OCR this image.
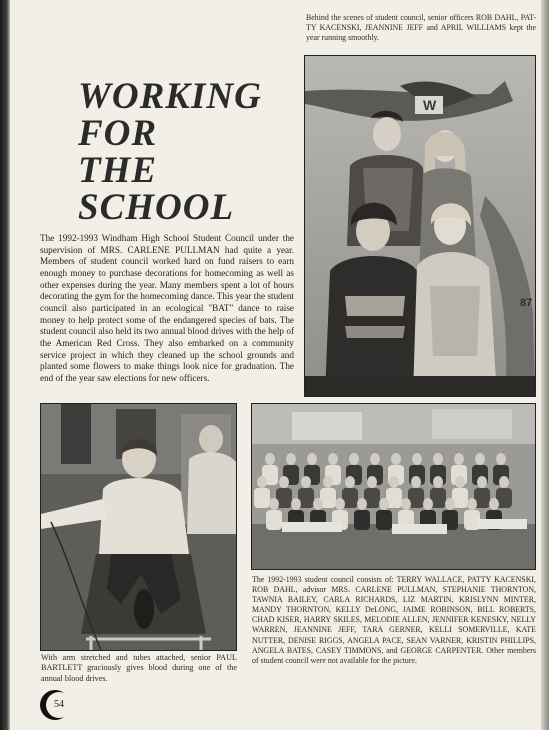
Behind the scenes of student council, senior officers ROB DAHL, PAT-TY KACENSKI, JEANNINE JEFF and APRIL WILLIAMS kept the year running smoothly.
WORKING
FOR
THE
SCHOOL
The 1992-1993 Windham High School Student Council under the supervision of MRS. CARLENE PULLMAN had quite a year. Members of student council worked hard on fund raisers to earn enough money to purchase decorations for homecoming as well as other expenses during the year. Many members spent a lot of hours decorating the gym for the homecoming dance. This year the student council also participated in an ecological "BAT" dance to raise money to help protect some of the endangered species of bats. The student council also held its two annual blood drives with the help of the American Red Cross. They also embarked on a community service project in which they cleaned up the school grounds and planted some flowers to make things look nice for graduation. The end of the year saw elections for new officers.
W
87
The 1992-1993 student council consists of: TERRY WALLACE, PATTY KACENSKI, ROB DAHL, advisor MRS. CARLENE PULLMAN, STEPHANIE THORNTON, TAWNIA BAILEY, CARLA RICHARDS, LIZ MARTIN, KRISLYNN MINTER, MANDY THORNTON, KELLY DeLONG, JAIME ROBINSON, BILL ROBERTS, CHAD KISER, HARRY SKILES, MELODIE ALLEN, JENNIFER KENESKY, NELLY WARREN, JEANNINE JEFF, TARA GERNER, KELLI SOMERVILLE, KATE NUTTER, DENISE RIGGS, ANGELA PACE, SEAN VARNER, KRISTIN PHILLIPS, ANGELA BATES, CASEY TIMMONS, and GEORGE CARPENTER. Other members of student council were not available for the picture.
With arm stretched and tubes attached, senior PAUL BARTLETT graciously gives blood during one of the annual blood drives.
54
